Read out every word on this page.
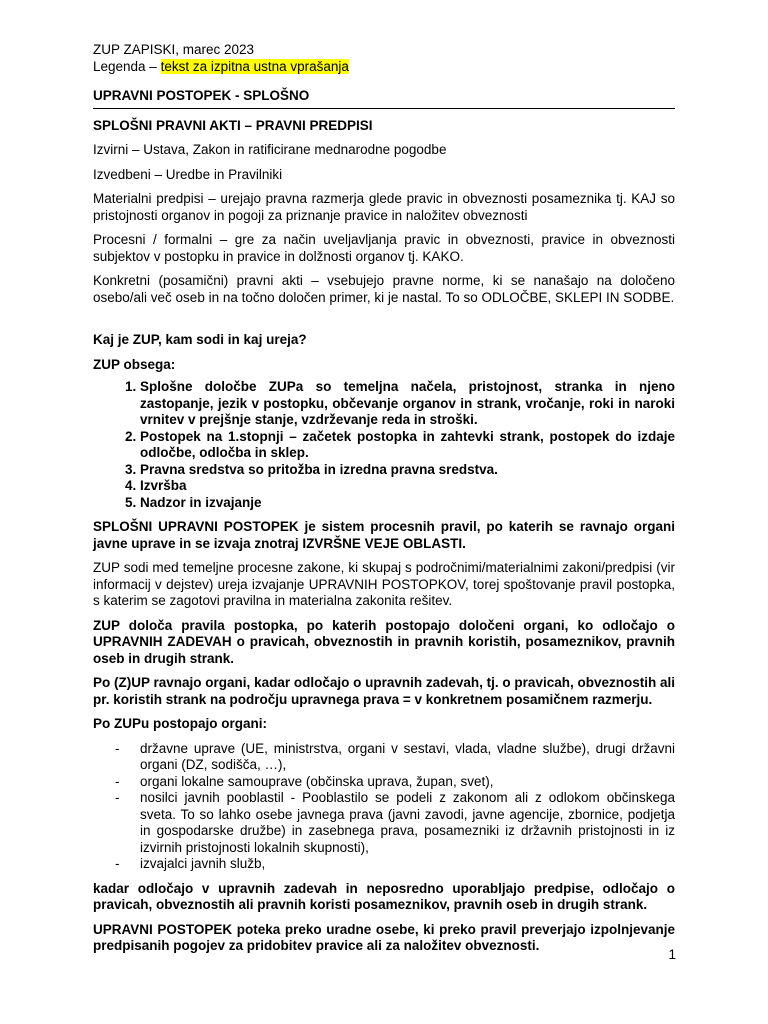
ZUP ZAPISKI, marec 2023

Legenda – tekst za izpitna ustna vprašanja

UPRAVNI POSTOPEK - SPLOŠNO

SPLOŠNI PRAVNI AKTI – PRAVNI PREDPISI

Izvirni – Ustava, Zakon in ratificirane mednarodne pogodbe

Izvedbeni – Uredbe in Pravilniki

Materialni predpisi – urejajo pravna razmerja glede pravic in obveznosti posameznika tj. KAJ so pristojnosti organov in pogoji za priznanje pravice in naložitev obveznosti

Procesni / formalni – gre za način uveljavljanja pravic in obveznosti, pravice in obveznosti subjektov v postopku in pravice in dolžnosti organov tj. KAKO.

Konkretni (posamični) pravni akti – vsebujejo pravne norme, ki se nanašajo na določeno osebo/ali več oseb in na točno določen primer, ki je nastal. To so ODLOČBE, SKLEPI IN SODBE.

Kaj je ZUP, kam sodi in kaj ureja?

ZUP obsega:

1. Splošne določbe ZUPa so temeljna načela, pristojnost, stranka in njeno zastopanje, jezik v postopku, občevanje organov in strank, vročanje, roki in naroki vrnitev v prejšnje stanje, vzdrževanje reda in stroški.
2. Postopek na 1.stopnji – začetek postopka in zahtevki strank, postopek do izdaje odločbe, odločba in sklep.
3. Pravna sredstva so pritožba in izredna pravna sredstva.
4. Izvršba
5. Nadzor in izvajanje

SPLOŠNI UPRAVNI POSTOPEK je sistem procesnih pravil, po katerih se ravnajo organi javne uprave in se izvaja znotraj IZVRŠNE VEJE OBLASTI.

ZUP sodi med temeljne procesne zakone, ki skupaj s področnimi/materialnimi zakoni/predpisi (vir informacij v dejstev) ureja izvajanje UPRAVNIH POSTOPKOV, torej spoštovanje pravil postopka, s katerim se zagotovi pravilna in materialna zakonita rešitev.

ZUP določa pravila postopka, po katerih postopajo določeni organi, ko odločajo o UPRAVNIH ZADEVAH o pravicah, obveznostih in pravnih koristih, posameznikov, pravnih oseb in drugih strank.

Po (Z)UP ravnajo organi, kadar odločajo o upravnih zadevah, tj. o pravicah, obveznostih ali pr. koristih strank na področju upravnega prava = v konkretnem posamičnem razmerju.

Po ZUPu postopajo organi:

- državne uprave (UE, ministrstva, organi v sestavi, vlada, vladne službe), drugi državni organi (DZ, sodišča, …),
- organi lokalne samouprave (občinska uprava, župan, svet),
- nosilci javnih pooblastil - Pooblastilo se podeli z zakonom ali z odlokom občinskega sveta. To so lahko osebe javnega prava (javni zavodi, javne agencije, zbornice, podjetja in gospodarske družbe) in zasebnega prava, posamezniki iz državnih pristojnosti in iz izvirnih pristojnosti lokalnih skupnosti),
- izvajalci javnih služb,

kadar odločajo v upravnih zadevah in neposredno uporabljajo predpise, odločajo o pravicah, obveznostih ali pravnih koristi posameznikov, pravnih oseb in drugih strank.

UPRAVNI POSTOPEK poteka preko uradne osebe, ki preko pravil preverjajo izpolnjevanje predpisanih pogojev za pridobitev pravice ali za naložitev obveznosti.

1
